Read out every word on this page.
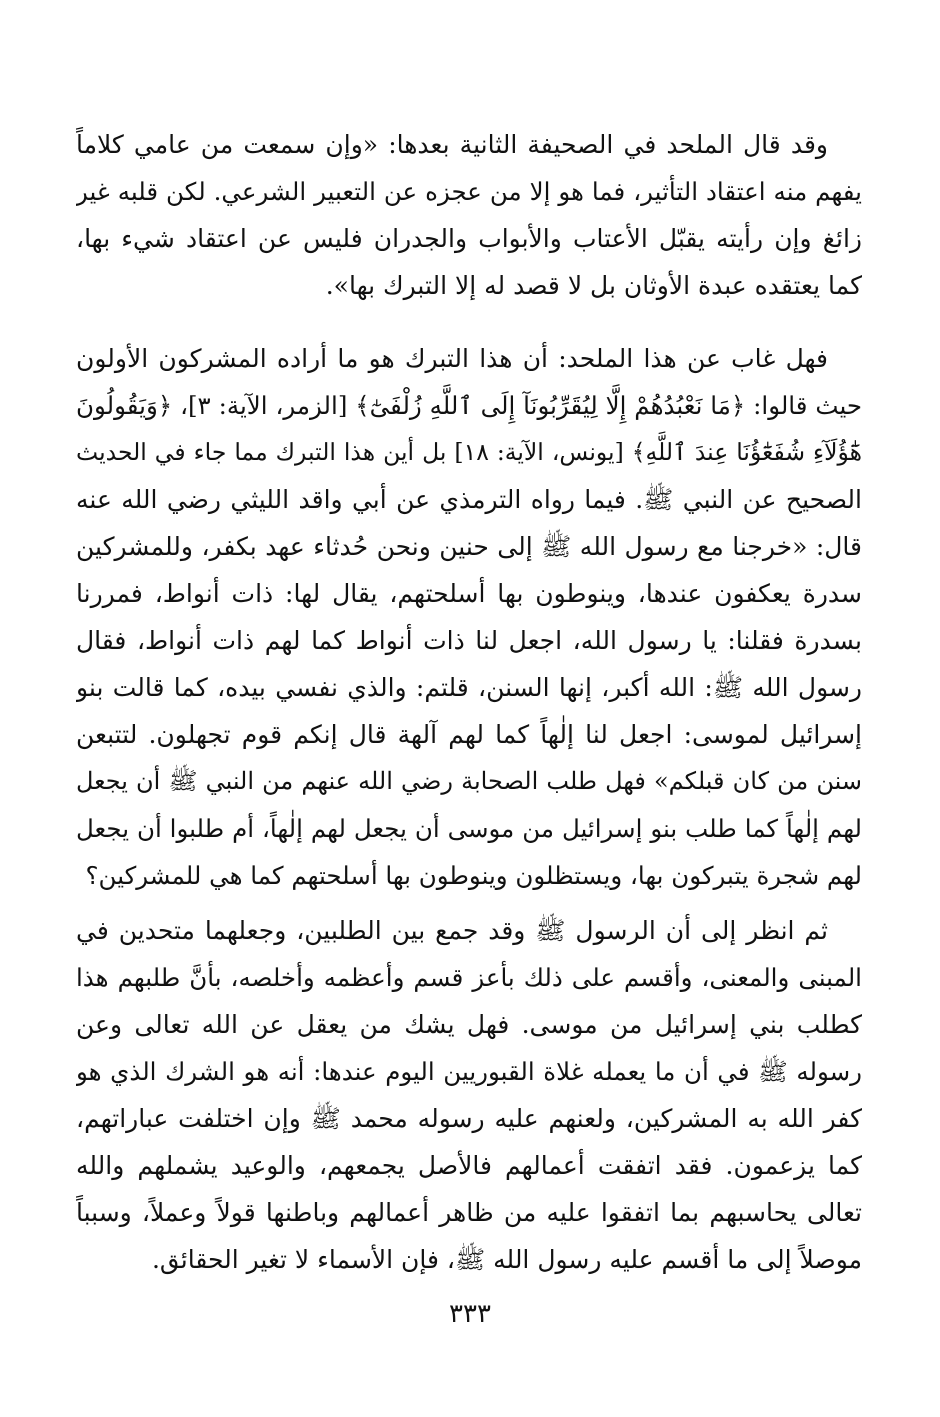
وقد قال الملحد في الصحيفة الثانية بعدها: «وإن سمعت من عامي كلاماً
يفهم منه اعتقاد التأثير، فما هو إلا من عجزه عن التعبير الشرعي. لكن قلبه غير
زائغ وإن رأيته يقبّل الأعتاب والأبواب والجدران فليس عن اعتقاد شيء بها،
كما يعتقده عبدة الأوثان بل لا قصد له إلا التبرك بها».
فهل غاب عن هذا الملحد: أن هذا التبرك هو ما أراده المشركون الأولون
حيث قالوا: ﴿مَا نَعْبُدُهُمْ إِلَّا لِيُقَرِّبُونَآ إِلَى ٱللَّهِ زُلْفَىٰٓ﴾ [الزمر، الآية: ٣]، ﴿وَيَقُولُونَ
هَٰٓؤُلَآءِ شُفَعَٰٓؤُنَا عِندَ ٱللَّهِ﴾ [يونس، الآية: ١٨] بل أين هذا التبرك مما جاء في الحديث
الصحيح عن النبي ﷺ. فيما رواه الترمذي عن أبي واقد الليثي رضي الله عنه
قال: «خرجنا مع رسول الله ﷺ إلى حنين ونحن حُدثاء عهد بكفر، وللمشركين
سدرة يعكفون عندها، وينوطون بها أسلحتهم، يقال لها: ذات أنواط، فمررنا
بسدرة فقلنا: يا رسول الله، اجعل لنا ذات أنواط كما لهم ذات أنواط، فقال
رسول الله ﷺ: الله أكبر، إنها السنن، قلتم: والذي نفسي بيده، كما قالت بنو
إسرائيل لموسى: اجعل لنا إلٰهاً كما لهم آلهة قال إنكم قوم تجهلون. لتتبعن
سنن من كان قبلكم» فهل طلب الصحابة رضي الله عنهم من النبي ﷺ أن يجعل
لهم إلٰهاً كما طلب بنو إسرائيل من موسى أن يجعل لهم إلٰهاً، أم طلبوا أن يجعل
لهم شجرة يتبركون بها، ويستظلون وينوطون بها أسلحتهم كما هي للمشركين؟
ثم انظر إلى أن الرسول ﷺ وقد جمع بين الطلبين، وجعلهما متحدين في
المبنى والمعنى، وأقسم على ذلك بأعز قسم وأعظمه وأخلصه، بأنَّ طلبهم هذا
كطلب بني إسرائيل من موسى. فهل يشك من يعقل عن الله تعالى وعن
رسوله ﷺ في أن ما يعمله غلاة القبوريين اليوم عندها: أنه هو الشرك الذي هو
كفر الله به المشركين، ولعنهم عليه رسوله محمد ﷺ وإن اختلفت عباراتهم،
كما يزعمون. فقد اتفقت أعمالهم فالأصل يجمعهم، والوعيد يشملهم والله
تعالى يحاسبهم بما اتفقوا عليه من ظاهر أعمالهم وباطنها قولاً وعملاً، وسبباً
موصلاً إلى ما أقسم عليه رسول الله ﷺ، فإن الأسماء لا تغير الحقائق.
٣٣٣
